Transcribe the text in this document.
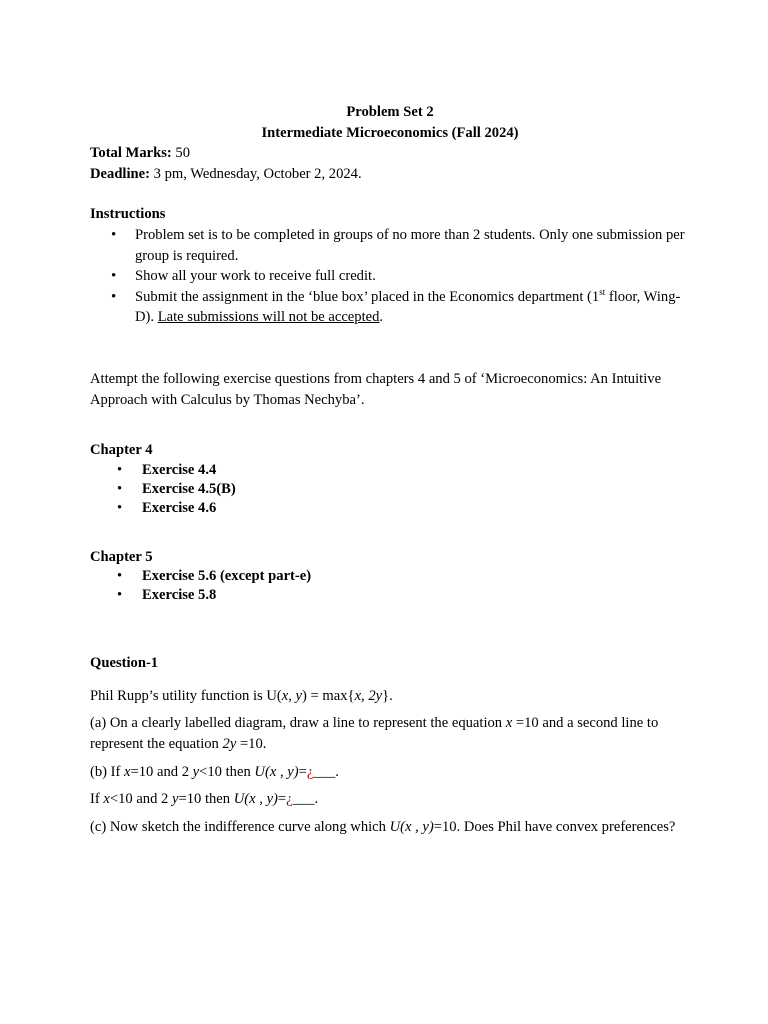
Problem Set 2
Intermediate Microeconomics (Fall 2024)
Total Marks: 50
Deadline: 3 pm, Wednesday, October 2, 2024.
Instructions
• Problem set is to be completed in groups of no more than 2 students. Only one submission per group is required.
• Show all your work to receive full credit.
• Submit the assignment in the ‘blue box’ placed in the Economics department (1st floor, Wing-D). Late submissions will not be accepted.
Attempt the following exercise questions from chapters 4 and 5 of ‘Microeconomics: An Intuitive Approach with Calculus by Thomas Nechyba’.
Chapter 4
• Exercise 4.4
• Exercise 4.5(B)
• Exercise 4.6
Chapter 5
• Exercise 5.6 (except part-e)
• Exercise 5.8
Question-1

Phil Rupp’s utility function is U(x, y) = max{x, 2y}.

(a) On a clearly labelled diagram, draw a line to represent the equation x =10 and a second line to represent the equation 2y =10.

(b) If x=10 and 2 y<10 then U(x , y)=¿___.

If x<10 and 2 y=10 then U(x , y)=¿___.

(c) Now sketch the indifference curve along which U(x , y)=10. Does Phil have convex preferences?
